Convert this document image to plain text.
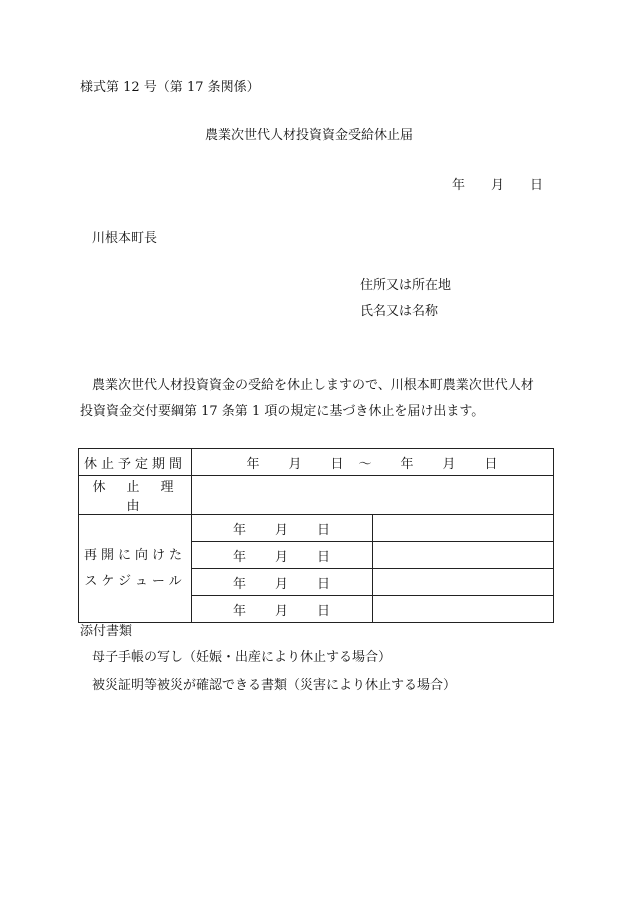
様式第 12 号（第 17 条関係）
農業次世代人材投資資金受給休止届
年　　月　　日
川根本町長
住所又は所在地
氏名又は名称
農業次世代人材投資資金の受給を休止しますので、川根本町農業次世代人材
投資資金交付要綱第 17 条第 1 項の規定に基づき休止を届け出ます。
休止予定期間	年　　月　　日　～　　年　　月　　日	
休　止　理　由		

再開に向けた
スケジュール	年　　月　　日	
	年　　月　　日	
	年　　月　　日	
	年　　月　　日	
添付書類
母子手帳の写し（妊娠・出産により休止する場合）
被災証明等被災が確認できる書類（災害により休止する場合）
